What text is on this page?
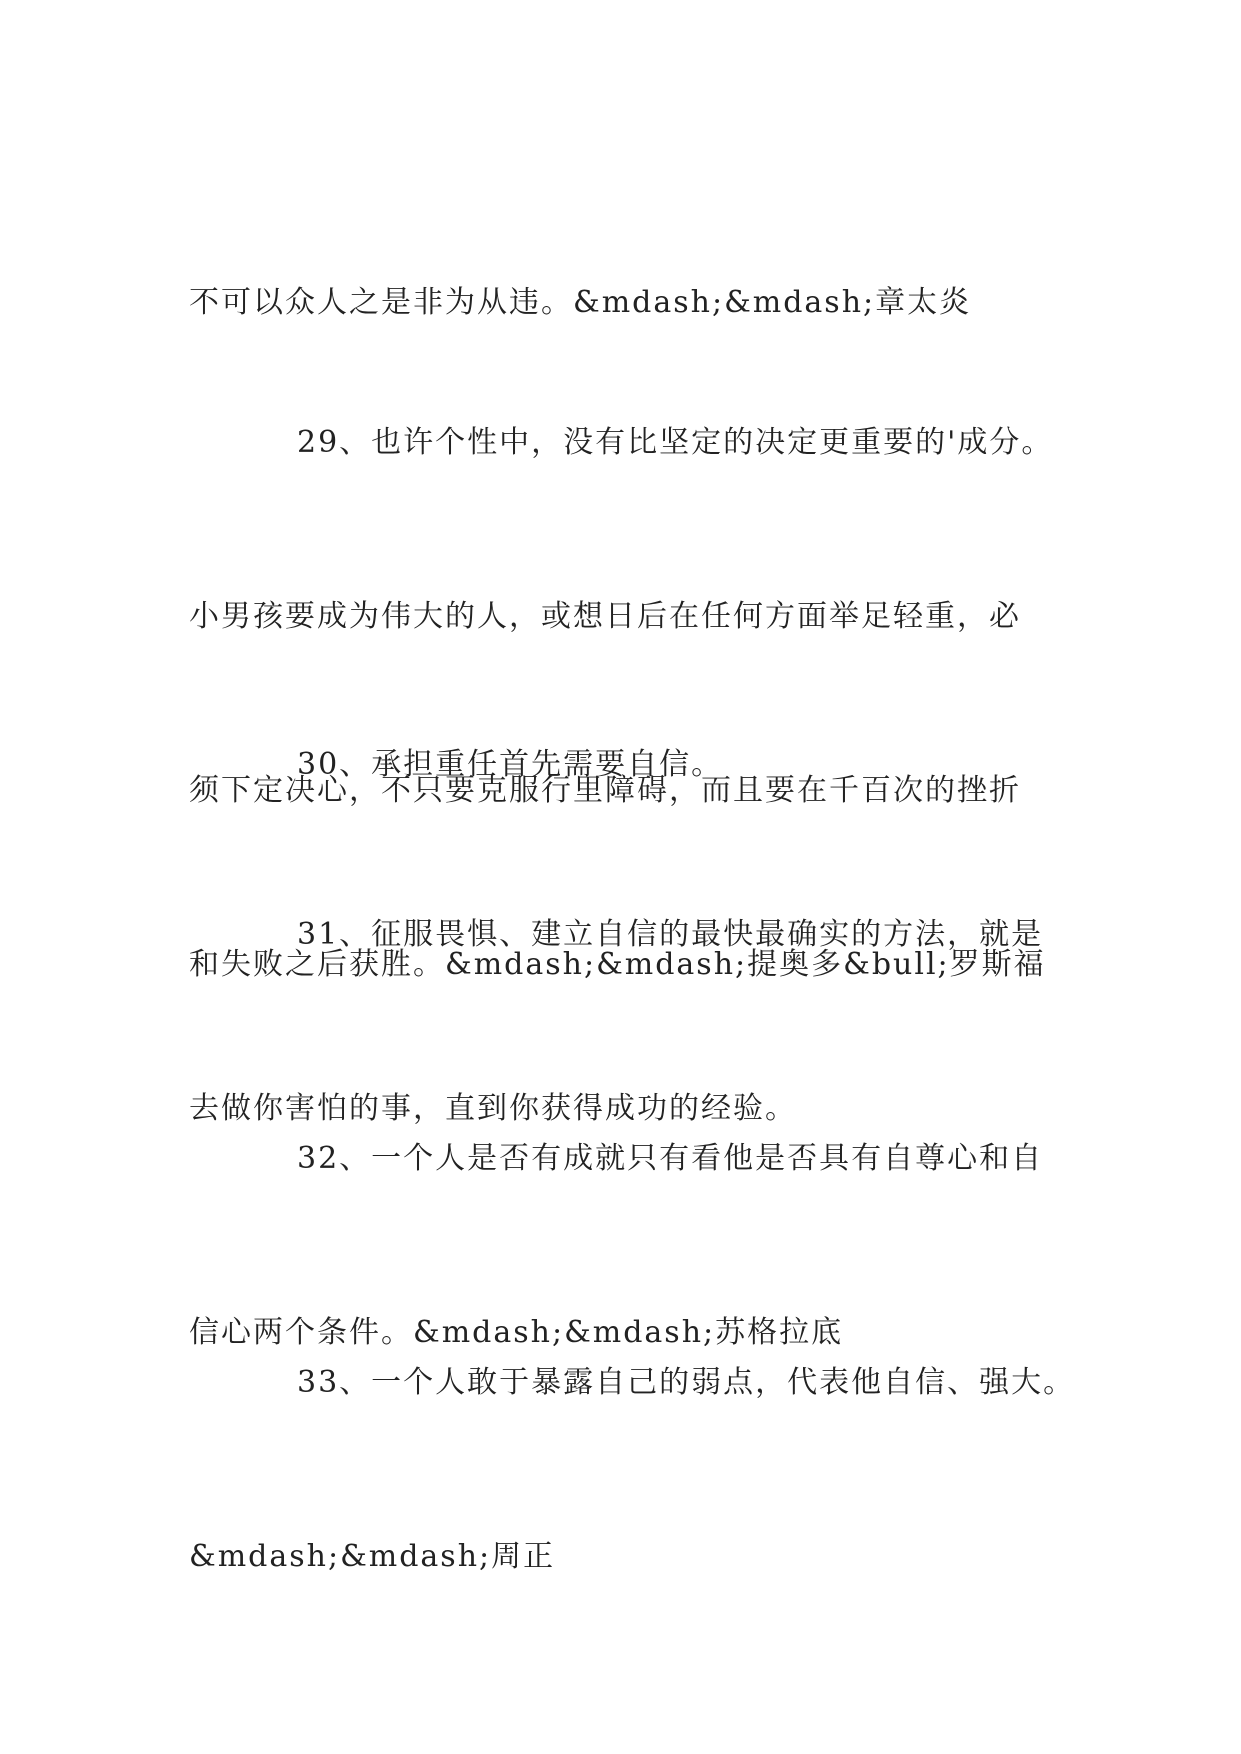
不可以众人之是非为从违。&mdash;&mdash;章太炎

29、也许个性中，没有比坚定的决定更重要的'成分。

小男孩要成为伟大的人，或想日后在任何方面举足轻重，必

须下定决心，不只要克服行里障碍，而且要在千百次的挫折

和失败之后获胜。&mdash;&mdash;提奥多&bull;罗斯福

30、承担重任首先需要自信。

31、征服畏惧、建立自信的最快最确实的方法，就是

去做你害怕的事，直到你获得成功的经验。

32、一个人是否有成就只有看他是否具有自尊心和自

信心两个条件。&mdash;&mdash;苏格拉底

33、一个人敢于暴露自己的弱点，代表他自信、强大。

&mdash;&mdash;周正
